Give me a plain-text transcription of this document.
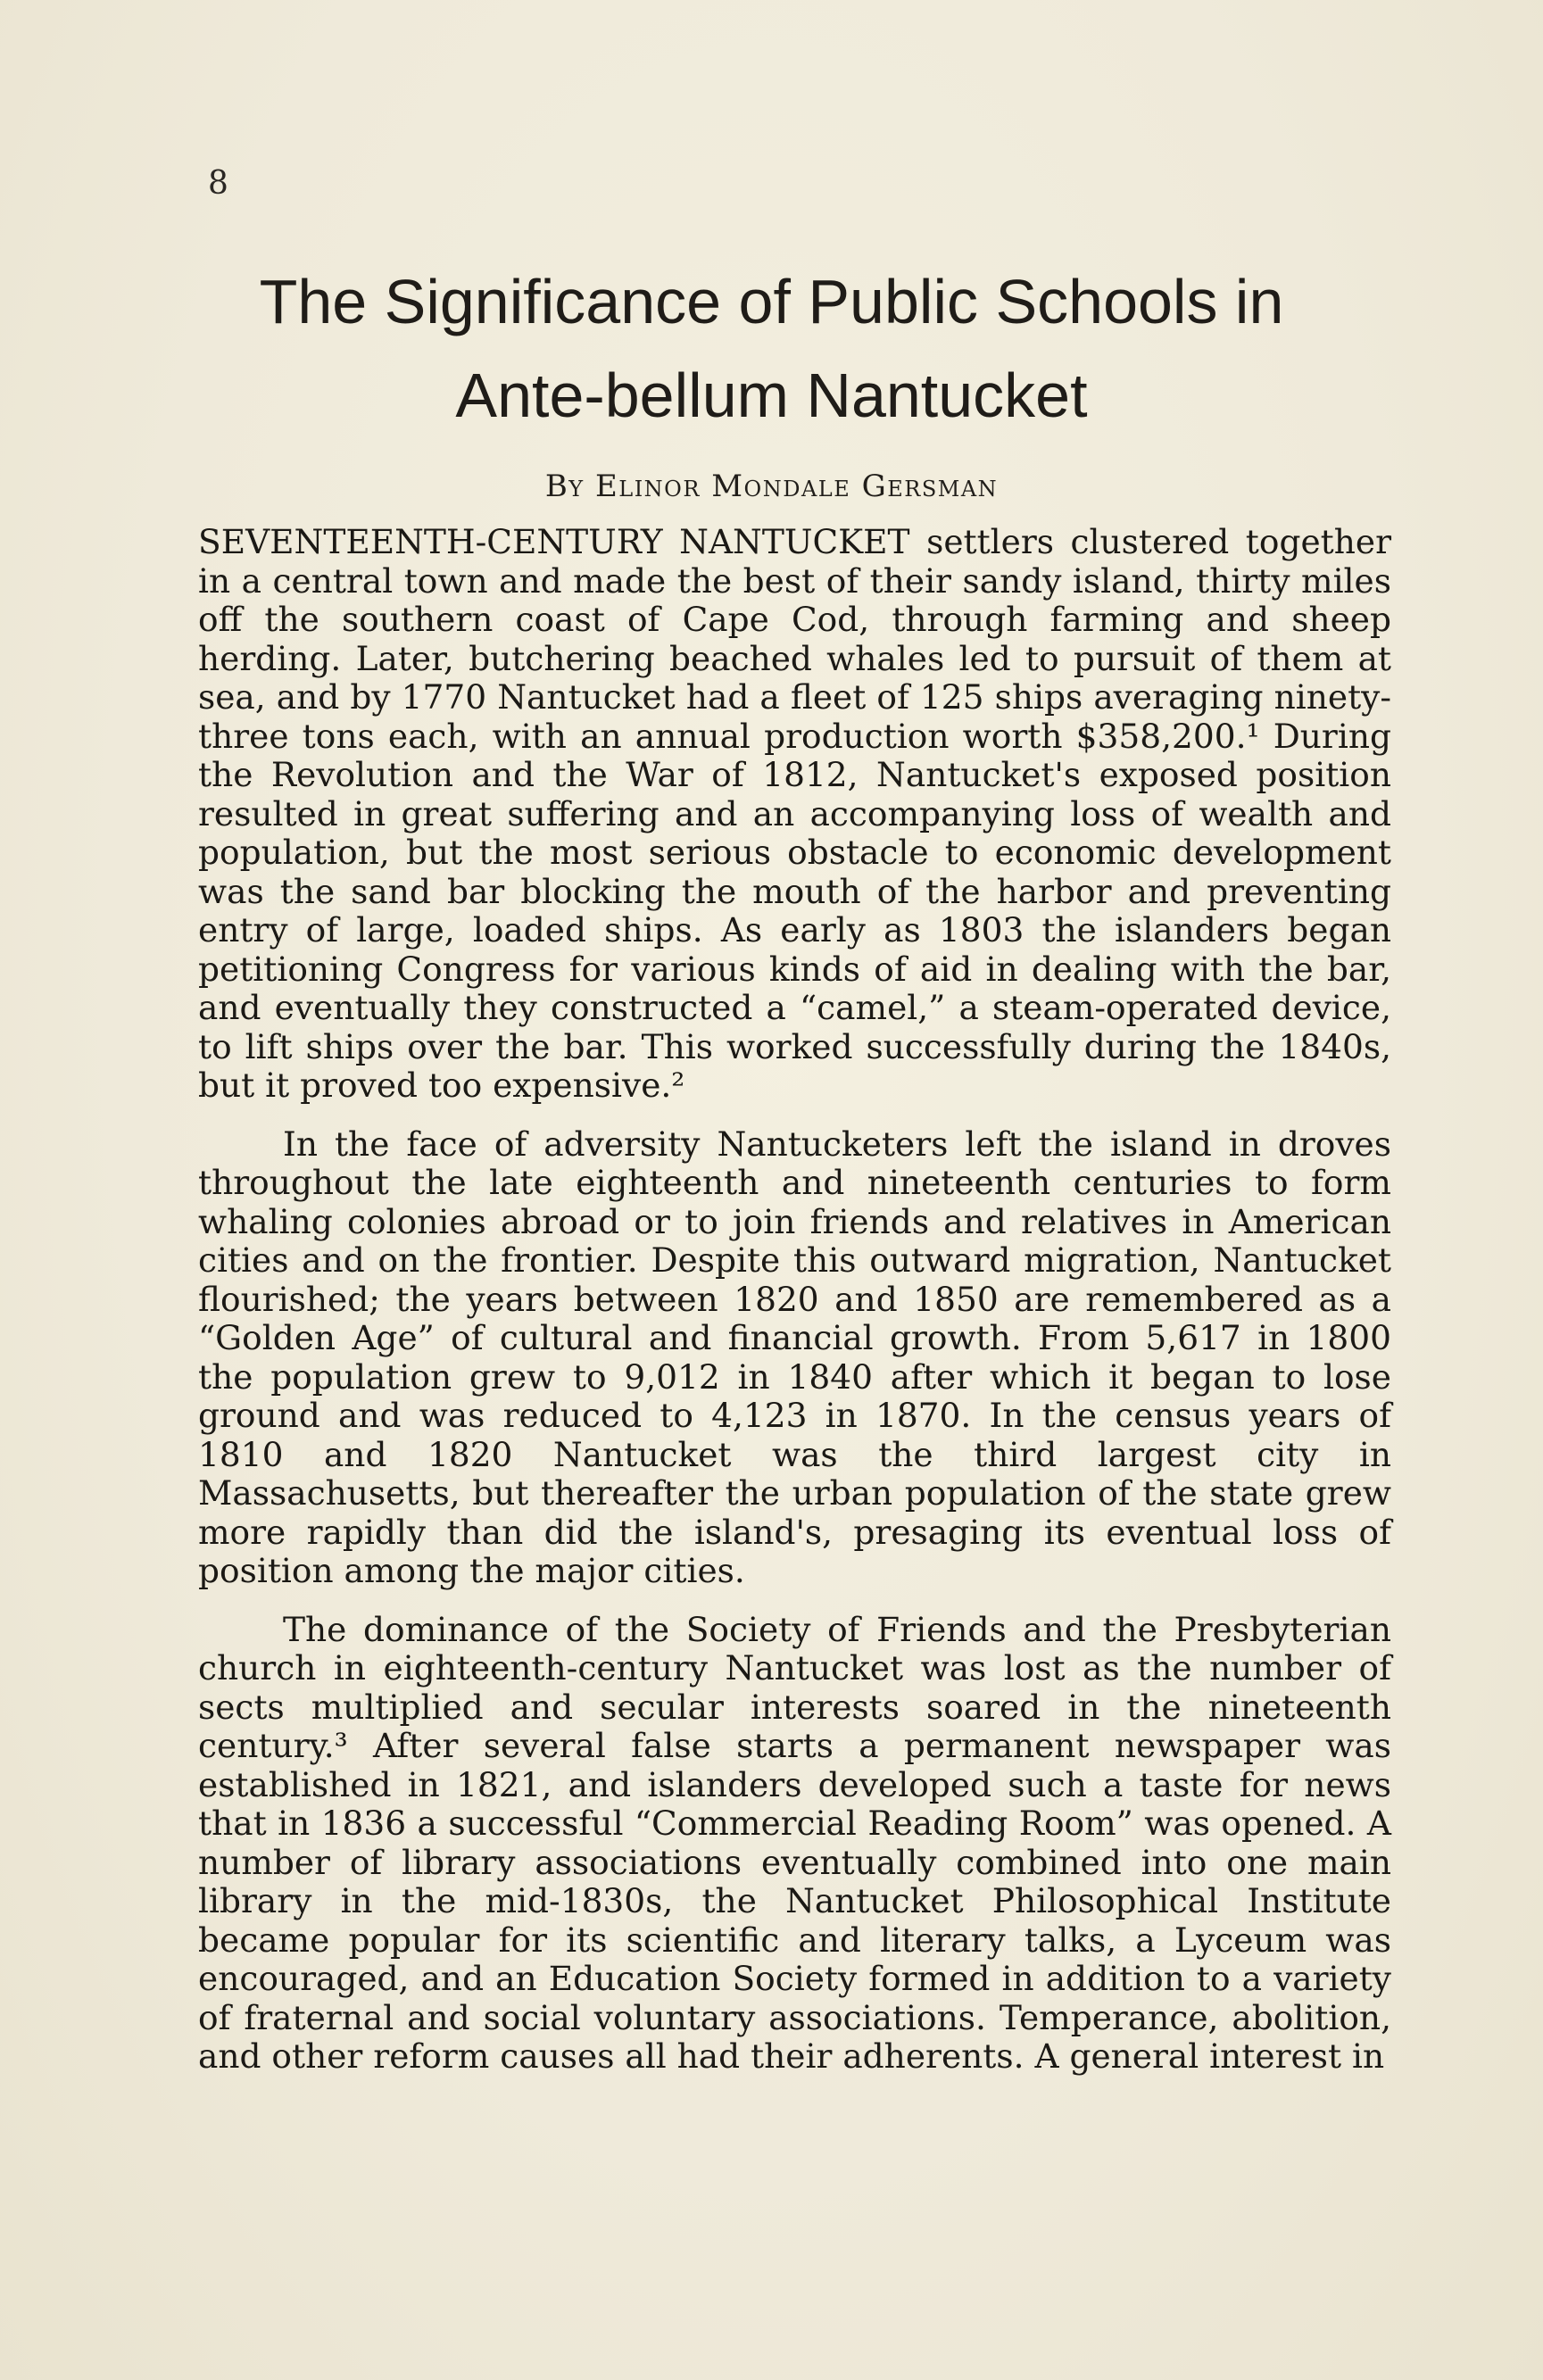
8
The Significance of Public Schools in
Ante-bellum Nantucket
By Elinor Mondale Gersman

SEVENTEENTH-CENTURY NANTUCKET settlers clustered together in a central town and made the best of their sandy island, thirty miles off the southern coast of Cape Cod, through farming and sheep herding. Later, butchering beached whales led to pursuit of them at sea, and by 1770 Nantucket had a fleet of 125 ships averaging ninety-three tons each, with an annual production worth $358,200.¹ During the Revolution and the War of 1812, Nantucket's exposed position resulted in great suffering and an accompanying loss of wealth and population, but the most serious obstacle to economic development was the sand bar blocking the mouth of the harbor and preventing entry of large, loaded ships. As early as 1803 the islanders began petitioning Congress for various kinds of aid in dealing with the bar, and eventually they constructed a “camel,” a steam-operated device, to lift ships over the bar. This worked successfully during the 1840s, but it proved too expensive.²

In the face of adversity Nantucketers left the island in droves throughout the late eighteenth and nineteenth centuries to form whaling colonies abroad or to join friends and relatives in American cities and on the frontier. Despite this outward migration, Nantucket flourished; the years between 1820 and 1850 are remembered as a “Golden Age” of cultural and financial growth. From 5,617 in 1800 the population grew to 9,012 in 1840 after which it began to lose ground and was reduced to 4,123 in 1870. In the census years of 1810 and 1820 Nantucket was the third largest city in Massachusetts, but thereafter the urban population of the state grew more rapidly than did the island's, presaging its eventual loss of position among the major cities.

The dominance of the Society of Friends and the Presbyterian church in eighteenth-century Nantucket was lost as the number of sects multiplied and secular interests soared in the nineteenth century.³ After several false starts a permanent newspaper was established in 1821, and islanders developed such a taste for news that in 1836 a successful “Commercial Reading Room” was opened. A number of library associations eventually combined into one main library in the mid-1830s, the Nantucket Philosophical Institute became popular for its scientific and literary talks, a Lyceum was encouraged, and an Education Society formed in addition to a variety of fraternal and social voluntary associations. Temperance, abolition, and other reform causes all had their adherents. A general interest in
